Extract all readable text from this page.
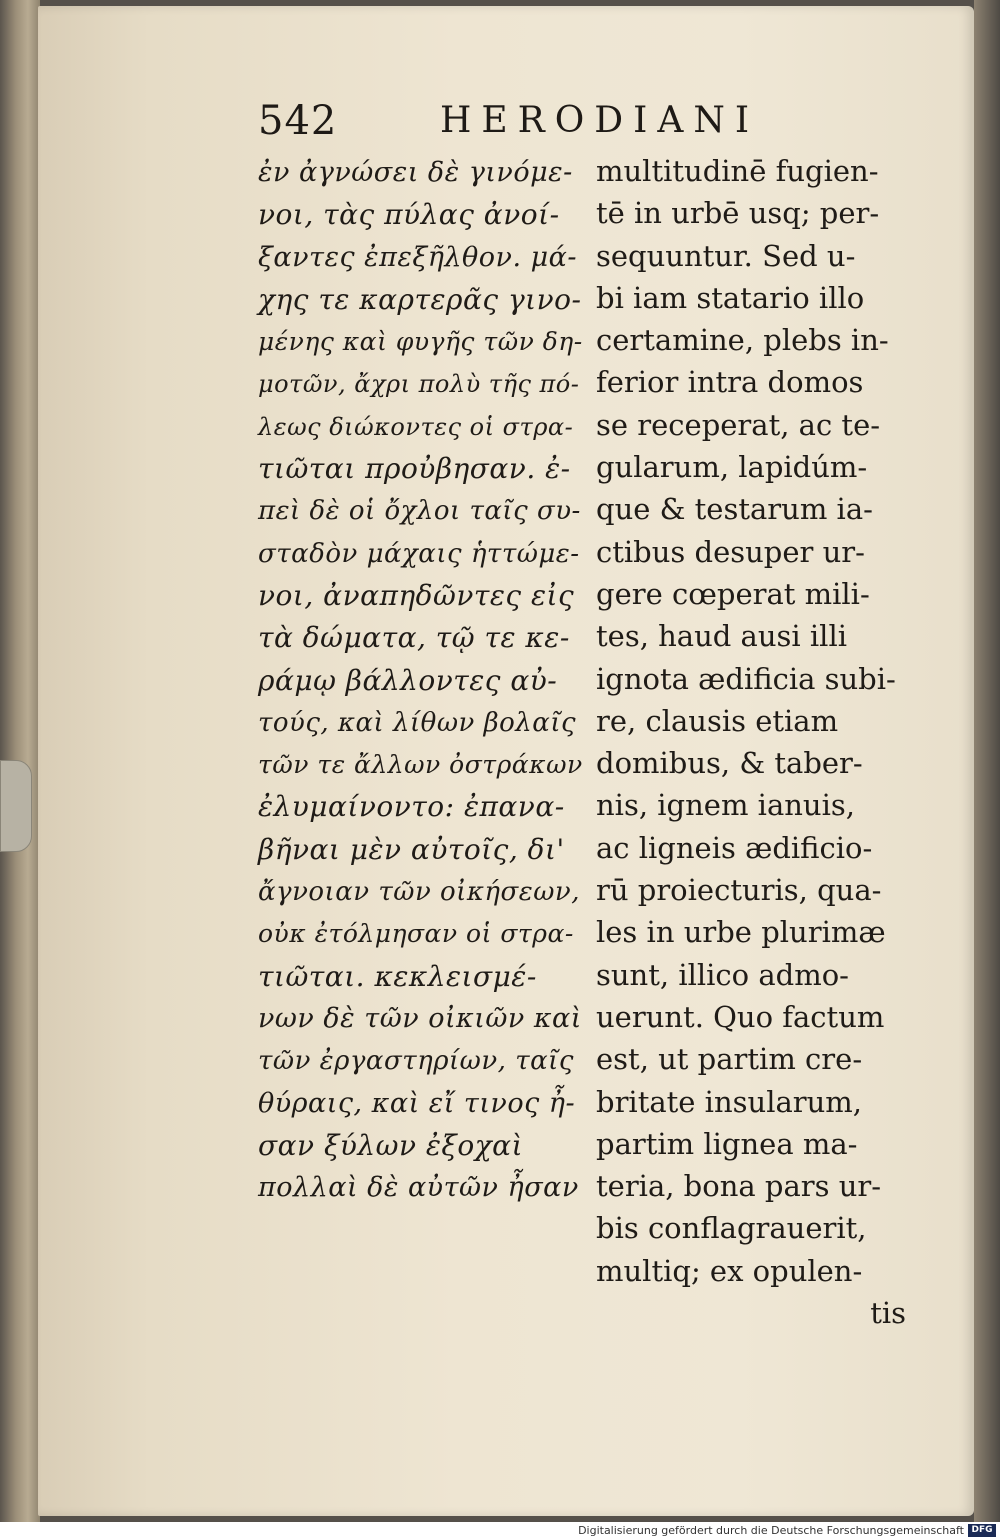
542	HERODIANI
ἐν ἀγνώσει δὲ γινόμε-
νοι, τὰς πύλας ἀνοί-
ξαντες ἐπεξῆλθον. μά-
χης τε καρτερᾶς γινο-
μένης καὶ φυγῆς τῶν δη-
μοτῶν, ἄχρι πολὺ τῆς πό-
λεως διώκοντες οἱ στρα-
τιῶται προὐβησαν. ἐ-
πεὶ δὲ οἱ ὄχλοι ταῖς συ-
σταδὸν μάχαις ἡττώμε-
νοι, ἀναπηδῶντες εἰς
τὰ δώματα, τῷ τε κε-
ράμῳ βάλλοντες αὐ-
τούς, καὶ λίθων βολαῖς
τῶν τε ἄλλων ὀστράκων
ἐλυμαίνοντο: ἐπανα-
βῆναι μὲν αὐτοῖς, δι'
ἄγνοιαν τῶν οἰκήσεων,
οὐκ ἐτόλμησαν οἱ στρα-
τιῶται. κεκλεισμέ-
νων δὲ τῶν οἰκιῶν καὶ
τῶν ἐργαστηρίων, ταῖς
θύραις, καὶ εἴ τινος ἦ-
σαν ξύλων ἐξοχαὶ
πολλαὶ δὲ αὐτῶν ἦσαν
multitudinē fugien-
tē in urbē usq; per-
sequuntur. Sed u-
bi iam statario illo
certamine, plebs in-
ferior intra domos
se receperat, ac te-
gularum, lapidúm-
que & testarum ia-
ctibus desuper ur-
gere cœperat mili-
tes, haud ausi illi
ignota ædificia subi-
re, clausis etiam
domibus, & taber-
nis, ignem ianuis,
ac ligneis ædificio-
rū proiecturis, qua-
les in urbe plurimæ
sunt, illico admo-
uerunt. Quo factum
est, ut partim cre-
britate insularum,
partim lignea ma-
teria, bona pars ur-
bis conflagrauerit,
multiq; ex opulen-
tis
Digitalisierung gefördert durch die Deutsche Forschungsgemeinschaft DFG
